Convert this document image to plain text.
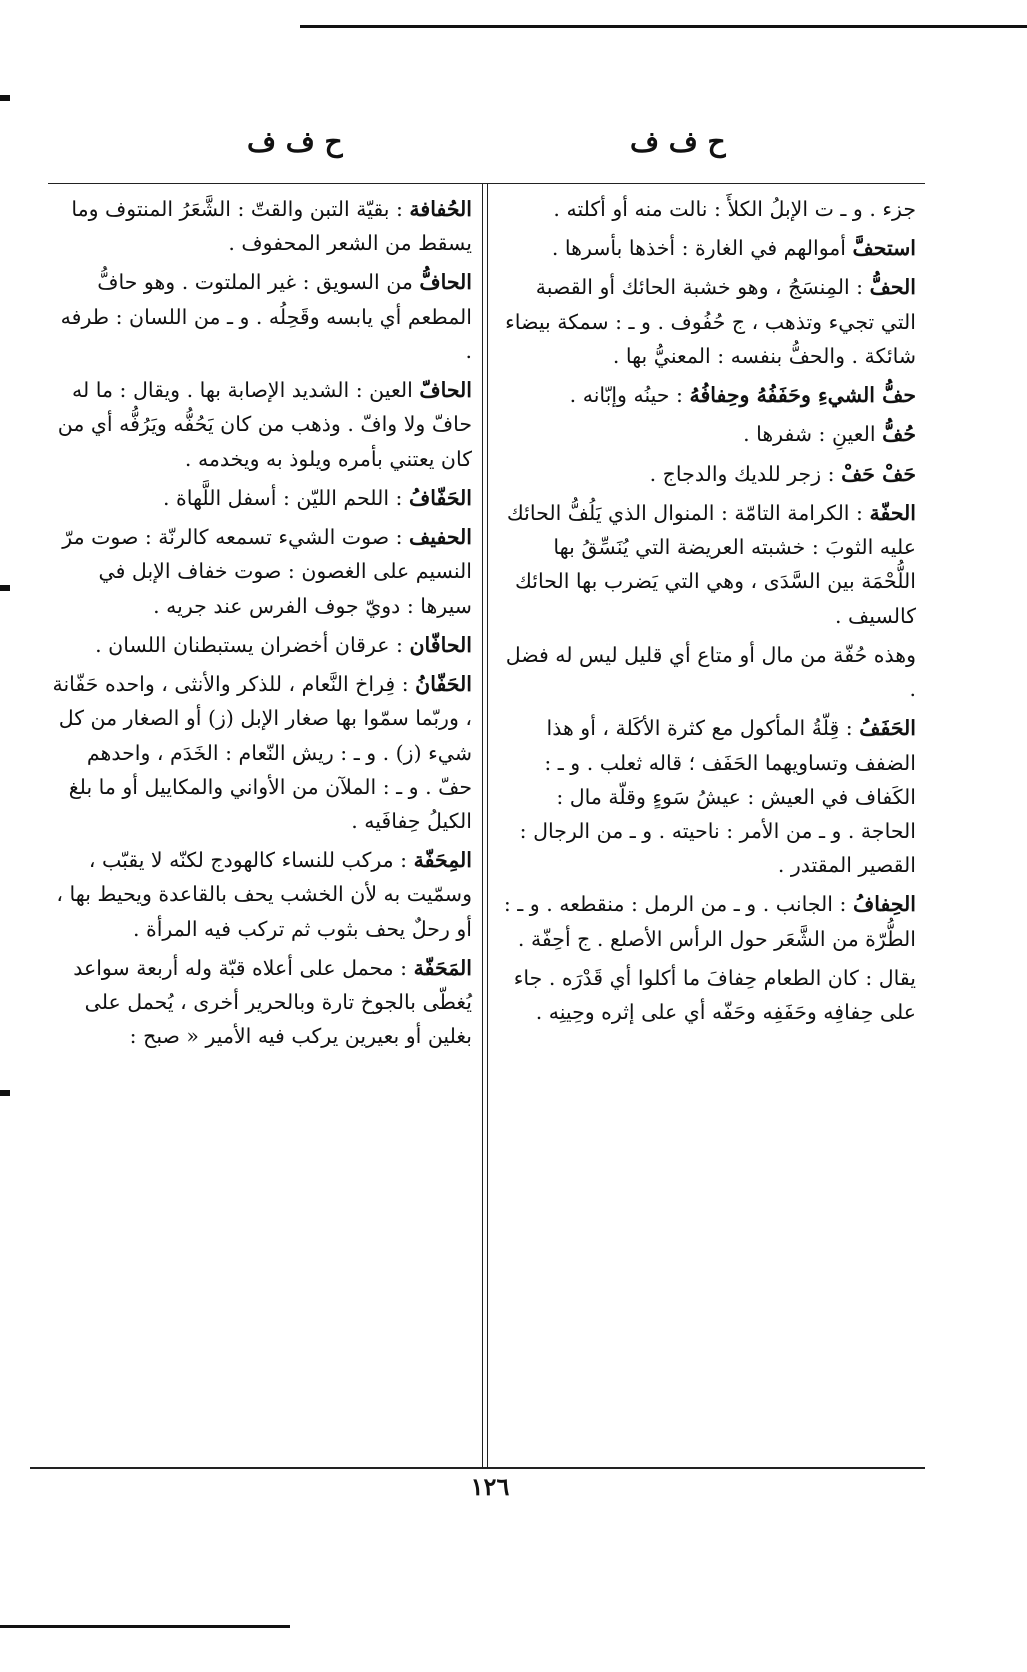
ح ف ف
ح ف ف

جزء . و ـ ت الإبلُ الكلأَ : نالت منه أو أكلته .

استحفَّ أموالهم في الغارة : أخذها بأسرها .

الحفُّ : المِنسَجُ ، وهو خشبة الحائك أو القصبة التي تجيء وتذهب ، ج حُفُوف . و ـ : سمكة بيضاء شائكة . والحفُّ بنفسه : المعنيُّ بها .

حفُّ الشيءِ وحَفَفُهُ وحِفافُهُ : حينُه وإبّانه .

حُفُّ العينِ : شفرها .

حَفْ حَفْ : زجر للديك والدجاج .

الحفّة : الكرامة التامّة : المنوال الذي يَلُفُّ الحائك عليه الثوبَ : خشبته العريضة التي يُنَسِّقُ بها اللُّحْمَة بين السَّدَى ، وهي التي يَضرب بها الحائك كالسيف .

وهذه حُفّة من مال أو متاع أي قليل ليس له فضل .

الحَفَفُ : قِلّةُ المأكول مع كثرة الأكَلة ، أو هذا الضفف وتساويهما الحَفَف ؛ قاله ثعلب . و ـ : الكَفاف في العيش : عيشُ سَوءٍ وقلّة مال : الحاجة . و ـ من الأمر : ناحيته . و ـ من الرجال : القصير المقتدر .

الحِفافُ : الجانب . و ـ من الرمل : منقطعه . و ـ : الطُّرّة من الشَّعَر حول الرأس الأصلع . ج أحِفّة .

يقال : كان الطعام حِفافَ ما أكلوا أي قَدْرَه . جاء على حِفافِه وحَفَفِه وحَفّه أي على إثره وحِينِه .

الحُفافة : بقيّة التبن والقتّ : الشَّعَرُ المنتوف وما يسقط من الشعر المحفوف .

الحافُّ من السويق : غير الملتوت . وهو حافُّ المطعم أي يابسه وقَحِلُه . و ـ من اللسان : طرفه .

الحافّ العين : الشديد الإصابة بها . ويقال : ما له حافّ ولا وافّ . وذهب من كان يَحُفُّه ويَرُفُّه أي من كان يعتني بأمره ويلوذ به ويخدمه .

الحَفّافُ : اللحم الليّن : أسفل اللَّهاة .

الحفيف : صوت الشيء تسمعه كالرنّة : صوت مرّ النسيم على الغصون : صوت خفاف الإبل في سيرها : دويّ جوف الفرس عند جريه .

الحافّان : عرقان أخضران يستبطنان اللسان .

الحَفّانُ : فِراخ النَّعام ، للذكر والأنثى ، واحده حَفّانة ، وربّما سمّوا بها صغار الإبل (ز) أو الصغار من كل شيء (ز) . و ـ : ريش النّعام : الخَدَم ، واحدهم حفّ . و ـ : الملآن من الأواني والمكاييل أو ما بلغ الكيلُ حِفافَيه .

المِحَفّة : مركب للنساء كالهودج لكنّه لا يقبّب ، وسمّيت به لأن الخشب يحف بالقاعدة ويحيط بها ، أو رحلٌ يحف بثوب ثم تركب فيه المرأة .

المَحَفّة : محمل على أعلاه قبّة وله أربعة سواعد يُغطّى بالجوخ تارة وبالحرير أخرى ، يُحمل على بغلين أو بعيرين يركب فيه الأمير « صبح :

١٢٦
